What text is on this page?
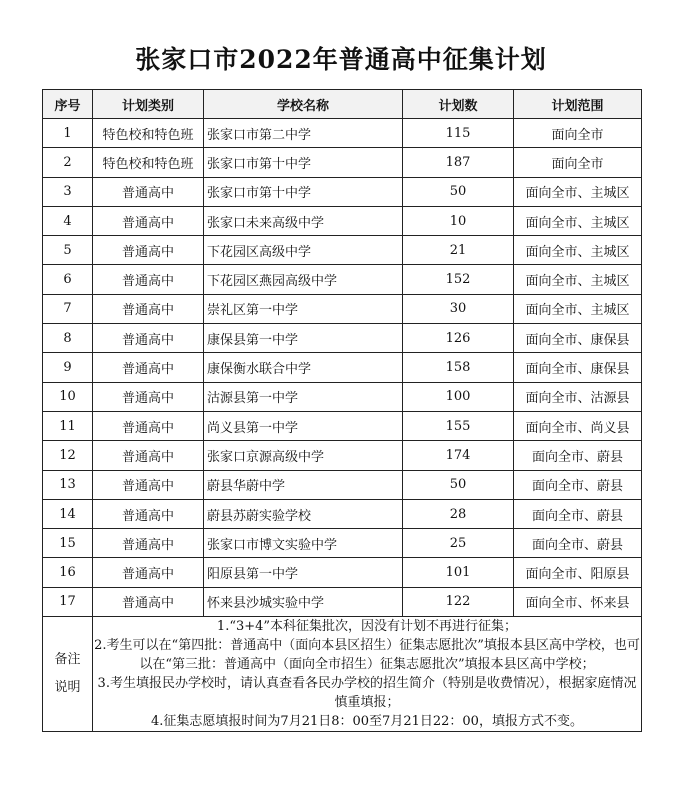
张家口市2022年普通高中征集计划
序号	计划类别	学校名称	计划数	计划范围
1	特色校和特色班	张家口市第二中学	115	面向全市
2	特色校和特色班	张家口市第十中学	187	面向全市
3	普通高中	张家口市第十中学	50	面向全市、主城区
4	普通高中	张家口未来高级中学	10	面向全市、主城区
5	普通高中	下花园区高级中学	21	面向全市、主城区
6	普通高中	下花园区燕园高级中学	152	面向全市、主城区
7	普通高中	崇礼区第一中学	30	面向全市、主城区
8	普通高中	康保县第一中学	126	面向全市、康保县
9	普通高中	康保衡水联合中学	158	面向全市、康保县
10	普通高中	沽源县第一中学	100	面向全市、沽源县
11	普通高中	尚义县第一中学	155	面向全市、尚义县
12	普通高中	张家口京源高级中学	174	面向全市、蔚县
13	普通高中	蔚县华蔚中学	50	面向全市、蔚县
14	普通高中	蔚县苏蔚实验学校	28	面向全市、蔚县
15	普通高中	张家口市博文实验中学	25	面向全市、蔚县
16	普通高中	阳原县第一中学	101	面向全市、阳原县
17	普通高中	怀来县沙城实验中学	122	面向全市、怀来县

备注
说明	1.“3+4”本科征集批次，因没有计划不再进行征集；
2.考生可以在“第四批：普通高中（面向本县区招生）征集志愿批次”填报本县区高中学校，也可以在“第三批：普通高中（面向全市招生）征集志愿批次”填报本县区高中学校；
3.考生填报民办学校时，请认真查看各民办学校的招生简介（特别是收费情况），根据家庭情况慎重填报；
4.征集志愿填报时间为7月21日8：00至7月21日22：00，填报方式不变。			
